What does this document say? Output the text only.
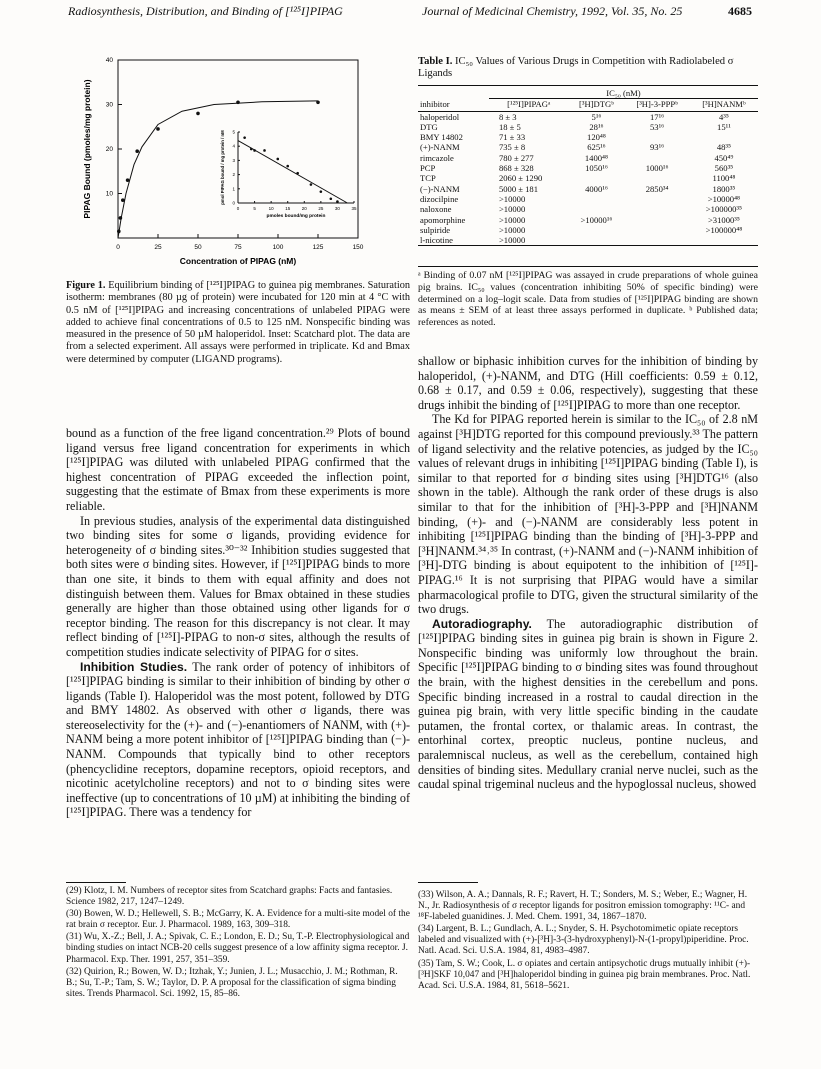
Radiosynthesis, Distribution, and Binding of [¹²⁵I]PIPAG	Journal of Medicinal Chemistry, 1992, Vol. 35, No. 25	4685
0	25	50	75	100	125	150
10
20
30
40
Concentration of PIPAG (nM)
PIPAG Bound (pmoles/mg protein)	0	5	10	15	20	25	30	35
0
1
2
3
4
5
pmoles bound/mg protein
pmol PIPAG bound / mg protein / nM
Figure 1. Equilibrium binding of [¹²⁵I]PIPAG to guinea pig membranes. Saturation isotherm: membranes (80 µg of protein) were incubated for 120 min at 4 °C with 0.5 nM of [¹²⁵I]PIPAG and increasing concentrations of unlabeled PIPAG were added to achieve final concentrations of 0.5 to 125 nM. Nonspecific binding was measured in the presence of 50 µM haloperidol. Inset: Scatchard plot. The data are from a selected experiment. All assays were performed in triplicate. Kd and Bmax were determined by computer (LIGAND programs).
Table I. IC₅₀ Values of Various Drugs in Competition with Radiolabeled σ Ligands
	IC₅₀ (nM)			
inhibitor	[¹²⁵I]PIPAGᵃ	[³H]DTGᵇ	[³H]-3-PPPᵇ	[³H]NANMᵇ
haloperidol	8 ± 3	5¹⁶	17¹⁶	4³⁵
DTG	18 ± 5	28¹⁶	53¹⁶	15¹¹
BMY 14802	71 ± 33	120⁴⁸		
(+)-NANM	735 ± 8	625¹⁶	93¹⁶	48³⁵
rimcazole	780 ± 277	1400⁴⁸		450⁴⁹
PCP	868 ± 328	1050¹⁶	1000¹⁶	560³⁵
TCP	2060 ± 1290			1100⁴⁸
(−)-NANM	5000 ± 181	4000¹⁶	2850³⁴	1800³⁵
dizocilpine	>10000			>10000⁴⁸
naloxone	>10000			>100000³⁵
apomorphine	>10000	>10000¹⁶		>31000³⁵
sulpiride	>10000			>100000⁴⁸
l-nicotine	>10000			
ᵃ Binding of 0.07 nM [¹²⁵I]PIPAG was assayed in crude preparations of whole guinea pig brains. IC₅₀ values (concentration inhibiting 50% of specific binding) were determined on a log–logit scale. Data from studies of [¹²⁵I]PIPAG binding are shown as means ± SEM of at least three assays performed in duplicate. ᵇ Published data; references as noted.

bound as a function of the free ligand concentration.²⁹ Plots of bound ligand versus free ligand concentration for experiments in which [¹²⁵I]PIPAG was diluted with unlabeled PIPAG confirmed that the highest concentration of PIPAG exceeded the inflection point, suggesting that the estimate of Bmax from these experiments is more reliable.

In previous studies, analysis of the experimental data distinguished two binding sites for some σ ligands, providing evidence for heterogeneity of σ binding sites.³⁰⁻³² Inhibition studies suggested that both sites were σ binding sites. However, if [¹²⁵I]PIPAG binds to more than one site, it binds to them with equal affinity and does not distinguish between them. Values for Bmax obtained in these studies generally are higher than those obtained using other ligands for σ receptor binding. The reason for this discrepancy is not clear. It may reflect binding of [¹²⁵I]-PIPAG to non-σ sites, although the results of competition studies indicate selectivity of PIPAG for σ sites.

Inhibition Studies. The rank order of potency of inhibitors of [¹²⁵I]PIPAG binding is similar to their inhibition of binding by other σ ligands (Table I). Haloperidol was the most potent, followed by DTG and BMY 14802. As observed with other σ ligands, there was stereoselectivity for the (+)- and (−)-enantiomers of NANM, with (+)-NANM being a more potent inhibitor of [¹²⁵I]PIPAG binding than (−)-NANM. Compounds that typically bind to other receptors (phencyclidine receptors, dopamine receptors, opioid receptors, and nicotinic acetylcholine receptors) and not to σ binding sites were ineffective (up to concentrations of 10 µM) at inhibiting the binding of [¹²⁵I]PIPAG. There was a tendency for

shallow or biphasic inhibition curves for the inhibition of binding by haloperidol, (+)-NANM, and DTG (Hill coefficients: 0.59 ± 0.12, 0.68 ± 0.17, and 0.59 ± 0.06, respectively), suggesting that these drugs inhibit the binding of [¹²⁵I]PIPAG to more than one receptor.

The Kd for PIPAG reported herein is similar to the IC₅₀ of 2.8 nM against [³H]DTG reported for this compound previously.³³ The pattern of ligand selectivity and the relative potencies, as judged by the IC₅₀ values of relevant drugs in inhibiting [¹²⁵I]PIPAG binding (Table I), is similar to that reported for σ binding sites using [³H]DTG¹⁶ (also shown in the table). Although the rank order of these drugs is also similar to that for the inhibition of [³H]-3-PPP and [³H]NANM binding, (+)- and (−)-NANM are considerably less potent in inhibiting [¹²⁵I]PIPAG binding than the binding of [³H]-3-PPP and [³H]NANM.³⁴˒³⁵ In contrast, (+)-NANM and (−)-NANM inhibition of [³H]-DTG binding is about equipotent to the inhibition of [¹²⁵I]-PIPAG.¹⁶ It is not surprising that PIPAG would have a similar pharmacological profile to DTG, given the structural similarity of the two drugs.

Autoradiography. The autoradiographic distribution of [¹²⁵I]PIPAG binding sites in guinea pig brain is shown in Figure 2. Nonspecific binding was uniformly low throughout the brain. Specific [¹²⁵I]PIPAG binding to σ binding sites was found throughout the brain, with the highest densities in the cerebellum and pons. Specific binding increased in a rostral to caudal direction in the guinea pig brain, with very little specific binding in the caudate putamen, the frontal cortex, or thalamic areas. In contrast, the entorhinal cortex, preoptic nucleus, pontine nucleus, and paralemniscal nucleus, as well as the cerebellum, contained high densities of binding sites. Medullary cranial nerve nuclei, such as the caudal spinal trigeminal nucleus and the hypoglossal nucleus, showed

(29) Klotz, I. M. Numbers of receptor sites from Scatchard graphs: Facts and fantasies. Science 1982, 217, 1247–1249.

(30) Bowen, W. D.; Hellewell, S. B.; McGarry, K. A. Evidence for a multi-site model of the rat brain σ receptor. Eur. J. Pharmacol. 1989, 163, 309–318.

(31) Wu, X.-Z.; Bell, J. A.; Spivak, C. E.; London, E. D.; Su, T.-P. Electrophysiological and binding studies on intact NCB-20 cells suggest presence of a low affinity sigma receptor. J. Pharmacol. Exp. Ther. 1991, 257, 351–359.

(32) Quirion, R.; Bowen, W. D.; Itzhak, Y.; Junien, J. L.; Musacchio, J. M.; Rothman, R. B.; Su, T.-P.; Tam, S. W.; Taylor, D. P. A proposal for the classification of sigma binding sites. Trends Pharmacol. Sci. 1992, 15, 85–86.

(33) Wilson, A. A.; Dannals, R. F.; Ravert, H. T.; Sonders, M. S.; Weber, E.; Wagner, H. N., Jr. Radiosynthesis of σ receptor ligands for positron emission tomography: ¹¹C- and ¹⁸F-labeled guanidines. J. Med. Chem. 1991, 34, 1867–1870.

(34) Largent, B. L.; Gundlach, A. L.; Snyder, S. H. Psychotomimetic opiate receptors labeled and visualized with (+)-[³H]-3-(3-hydroxyphenyl)-N-(1-propyl)piperidine. Proc. Natl. Acad. Sci. U.S.A. 1984, 81, 4983–4987.

(35) Tam, S. W.; Cook, L. σ opiates and certain antipsychotic drugs mutually inhibit (+)-[³H]SKF 10,047 and [³H]haloperidol binding in guinea pig brain membranes. Proc. Natl. Acad. Sci. U.S.A. 1984, 81, 5618–5621.
